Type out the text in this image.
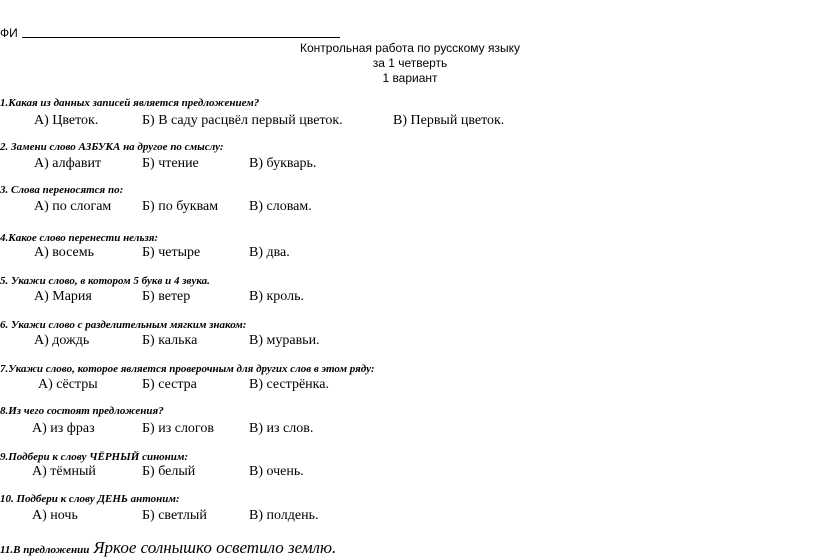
ФИ
Контрольная работа по русскому языку
за 1 четверть
1 вариант
1.Какая из данных записей является предложением?
А) Цветок.	Б) В саду расцвёл первый цветок.	В) Первый цветок.
2. Замени слово АЗБУКА на другое по смыслу:
А) алфавит	Б) чтение	В) букварь.
3. Слова переносятся по:
А) по слогам Б) по буквам В) словам.
4.Какое слово перенести нельзя:
А) восемь	Б) четыре	В) два.
5. Укажи слово, в котором 5 букв и 4 звука.
А) Мария	Б) ветер	В) кроль.
6. Укажи слово с разделительным мягким знаком:
А) дождь	Б) калька	В) муравьи.
7.Укажи слово, которое является проверочным для других слов в этом ряду:
А) сёстры	Б) сестра	В) сестрёнка.
8.Из чего состоят предложения?
А) из фраз	Б) из слогов	В) из слов.
9.Подбери к слову ЧЁРНЫЙ синоним:
А) тёмный	Б) белый	В) очень.
10. Подбери к слову ДЕНЬ антоним:
А) ночь	Б) светлый	В) полдень.
11.В предложении Яркое солнышко осветило землю.
